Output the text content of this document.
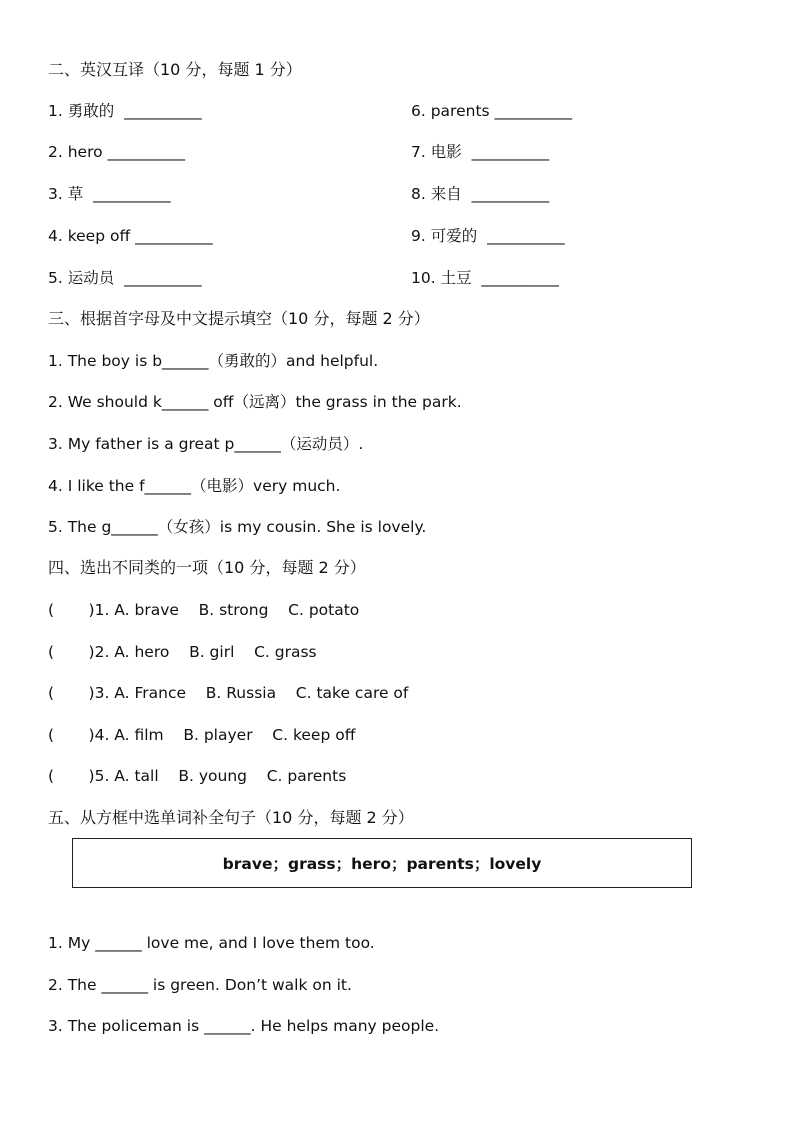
二、英汉互译（10 分，每题 1 分）
1. 勇敢的  __________	6. parents __________
2. hero __________	7. 电影  __________
3. 草  __________	8. 来自  __________
4. keep off __________	9. 可爱的  __________
5. 运动员  __________	10. 土豆  __________
三、根据首字母及中文提示填空（10 分，每题 2 分）
1. The boy is b______（勇敢的）and helpful.
2. We should k______ off（远离）the grass in the park.
3. My father is a great p______（运动员）.
4. I like the f______（电影）very much.
5. The g______（女孩）is my cousin. She is lovely.
四、选出不同类的一项（10 分，每题 2 分）
(       )1. A. brave    B. strong    C. potato
(       )2. A. hero    B. girl    C. grass
(       )3. A. France    B. Russia    C. take care of
(       )4. A. film    B. player    C. keep off
(       )5. A. tall    B. young    C. parents
五、从方框中选单词补全句子（10 分，每题 2 分）
brave；grass；hero；parents；lovely
1. My ______ love me, and I love them too.
2. The ______ is green. Don’t walk on it.
3. The policeman is ______. He helps many people.
